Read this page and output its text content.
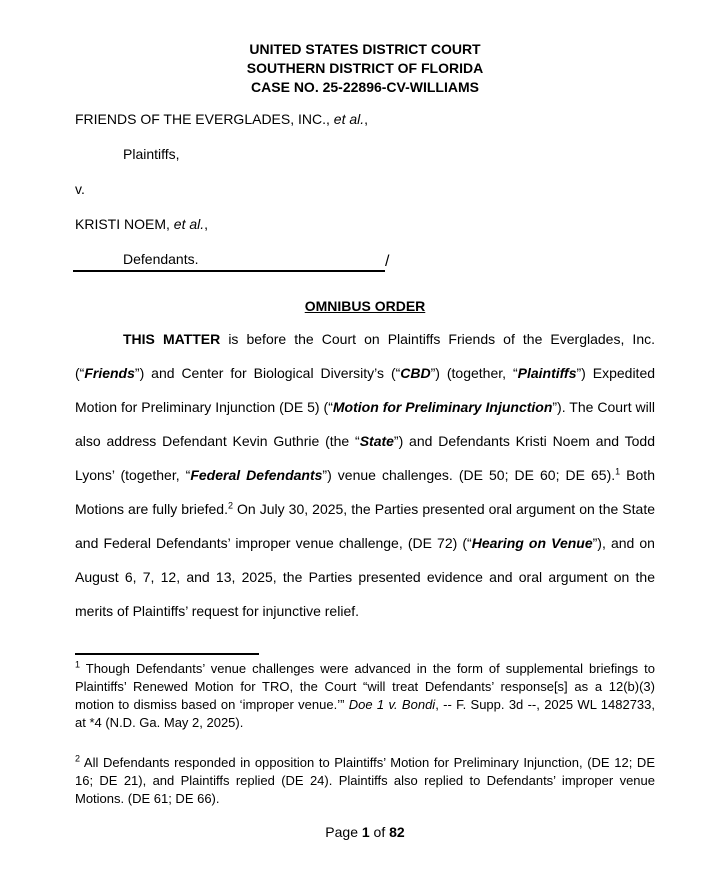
UNITED STATES DISTRICT COURT
SOUTHERN DISTRICT OF FLORIDA
CASE NO. 25-22896-CV-WILLIAMS

FRIENDS OF THE EVERGLADES, INC., et al.,

Plaintiffs,

v.

KRISTI NOEM, et al.,

Defendants.	/
OMNIBUS ORDER

THIS MATTER is before the Court on Plaintiffs Friends of the Everglades, Inc. (“Friends”) and Center for Biological Diversity’s (“CBD”) (together, “Plaintiffs”) Expedited Motion for Preliminary Injunction (DE 5) (“Motion for Preliminary Injunction”). The Court will also address Defendant Kevin Guthrie (the “State”) and Defendants Kristi Noem and Todd Lyons’ (together, “Federal Defendants”) venue challenges. (DE 50; DE 60; DE 65).$^1$ Both Motions are fully briefed.$^2$ On July 30, 2025, the Parties presented oral argument on the State and Federal Defendants’ improper venue challenge, (DE 72) (“Hearing on Venue”), and on August 6, 7, 12, and 13, 2025, the Parties presented evidence and oral argument on the merits of Plaintiffs’ request for injunctive relief.

$^1$ Though Defendants’ venue challenges were advanced in the form of supplemental briefings to Plaintiffs’ Renewed Motion for TRO, the Court “will treat Defendants’ response[s] as a 12(b)(3) motion to dismiss based on ‘improper venue.’” Doe 1 v. Bondi, -- F. Supp. 3d --, 2025 WL 1482733, at *4 (N.D. Ga. May 2, 2025).

$^2$ All Defendants responded in opposition to Plaintiffs’ Motion for Preliminary Injunction, (DE 12; DE 16; DE 21), and Plaintiffs replied (DE 24). Plaintiffs also replied to Defendants’ improper venue Motions. (DE 61; DE 66).

Page 1 of 82
